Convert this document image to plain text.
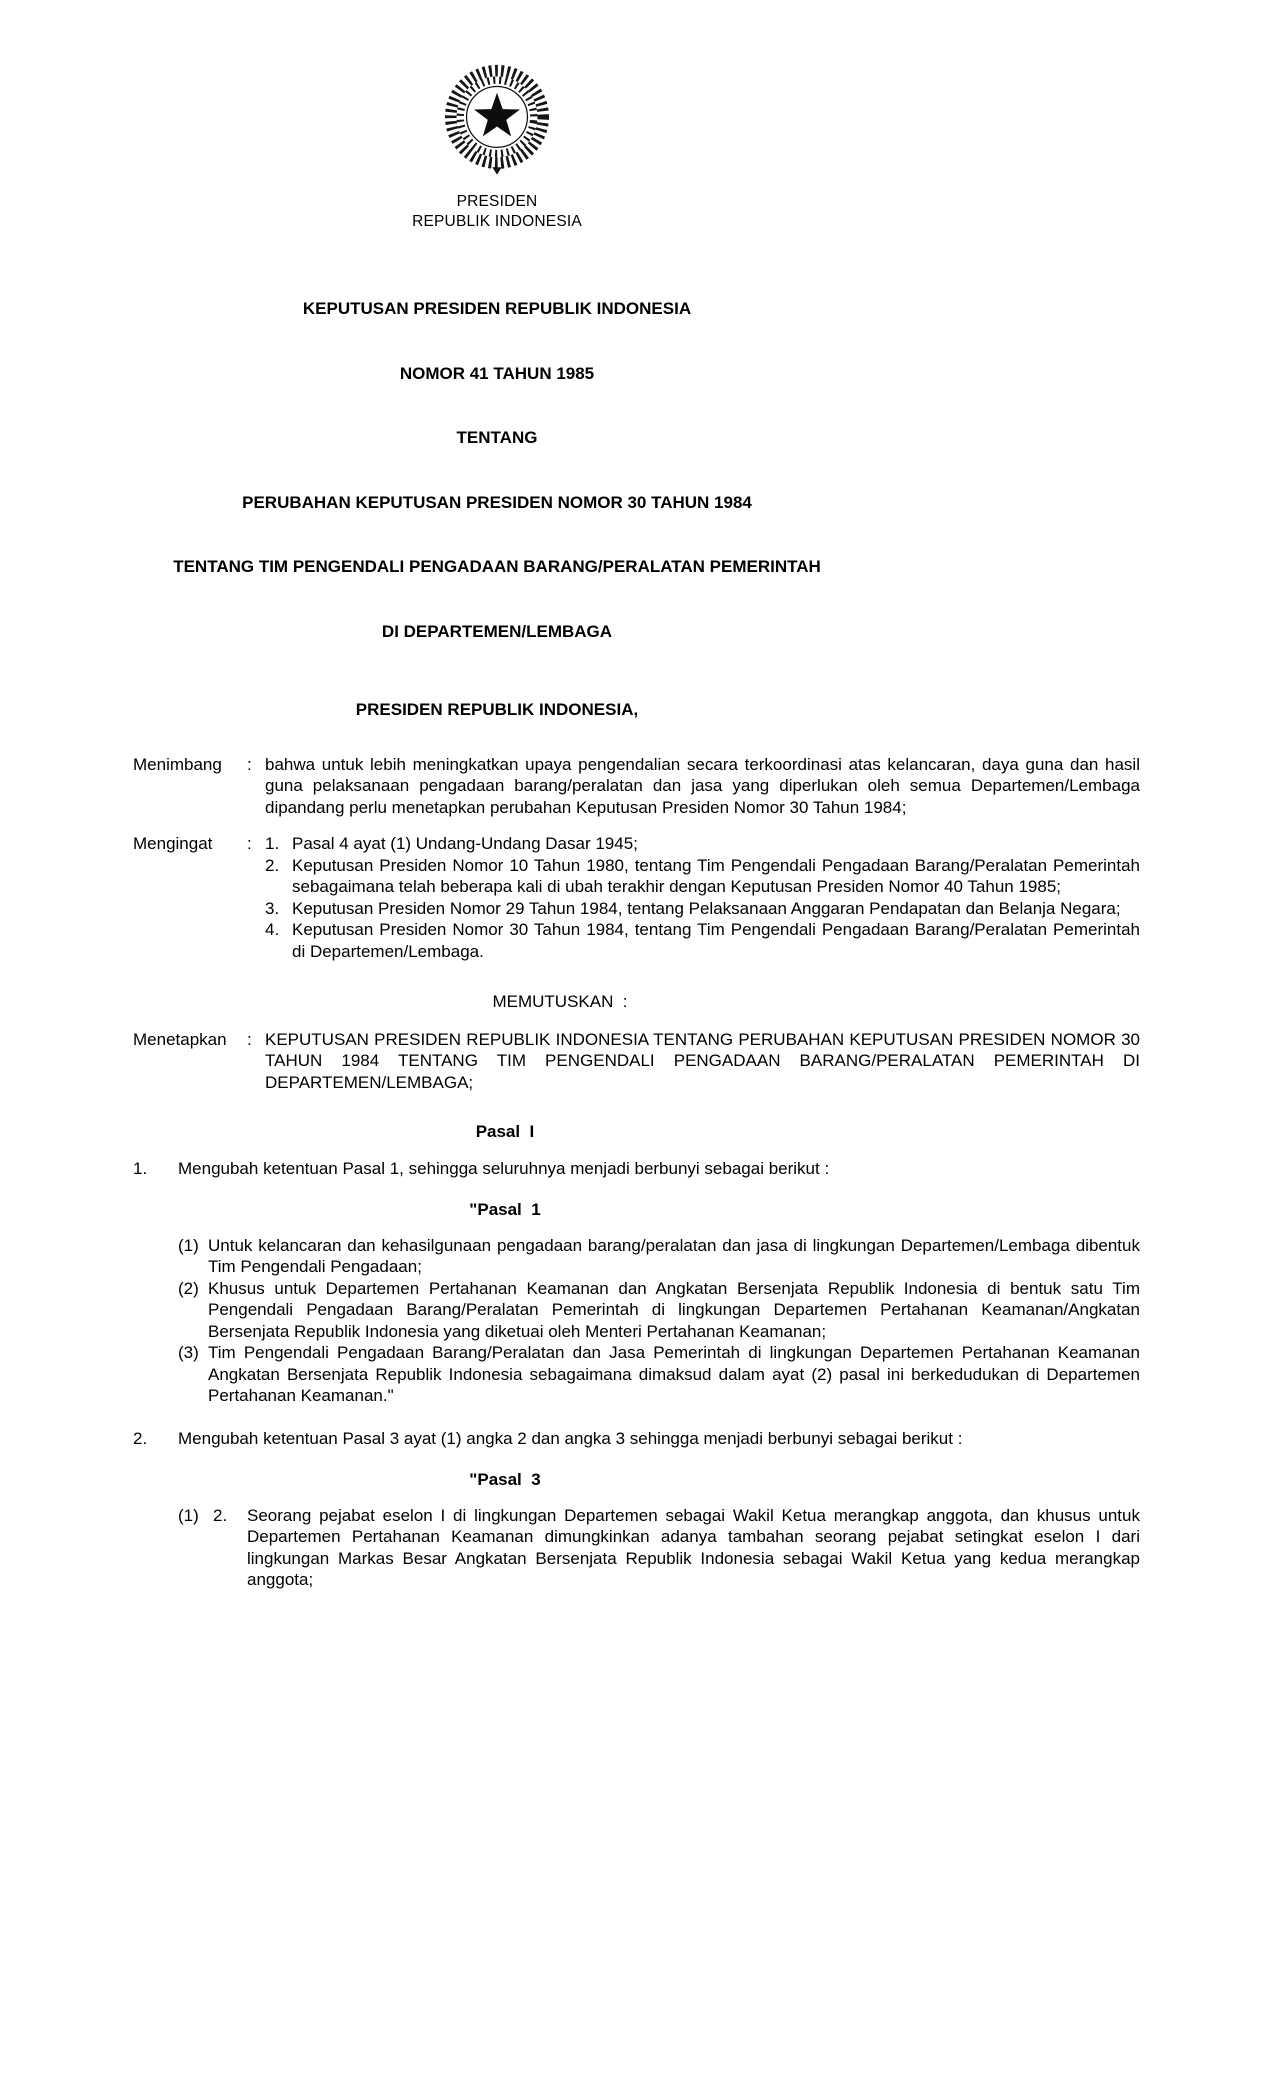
PRESIDEN
REPUBLIK INDONESIA

KEPUTUSAN PRESIDEN REPUBLIK INDONESIA

NOMOR 41 TAHUN 1985

TENTANG

PERUBAHAN KEPUTUSAN PRESIDEN NOMOR 30 TAHUN 1984

TENTANG TIM PENGENDALI PENGADAAN BARANG/PERALATAN PEMERINTAH

DI DEPARTEMEN/LEMBAGA

PRESIDEN REPUBLIK INDONESIA,
Menimbang	: bahwa untuk lebih meningkatkan upaya pengendalian secara terkoordinasi atas kelancaran, daya guna dan hasil guna pelaksanaan pengadaan barang/peralatan dan jasa yang diperlukan oleh semua Departemen/Lembaga dipandang perlu menetapkan perubahan Keputusan Presiden Nomor 30 Tahun 1984;
Mengingat	: 1. Pasal 4 ayat (1) Undang-Undang Dasar 1945;
2. Keputusan Presiden Nomor 10 Tahun 1980, tentang Tim Pengendali Pengadaan Barang/Peralatan Pemerintah sebagaimana telah beberapa kali di ubah terakhir dengan Keputusan Presiden Nomor 40 Tahun 1985;
3. Keputusan Presiden Nomor 29 Tahun 1984, tentang Pelaksanaan Anggaran Pendapatan dan Belanja Negara;
4. Keputusan Presiden Nomor 30 Tahun 1984, tentang Tim Pengendali Pengadaan Barang/Peralatan Pemerintah di Departemen/Lembaga.
MEMUTUSKAN  :
Menetapkan	: KEPUTUSAN PRESIDEN REPUBLIK INDONESIA TENTANG PERUBAHAN KEPUTUSAN PRESIDEN NOMOR 30 TAHUN 1984 TENTANG TIM PENGENDALI PENGADAAN BARANG/PERALATAN PEMERINTAH DI DEPARTEMEN/LEMBAGA;
Pasal  I
1.	Mengubah ketentuan Pasal 1, sehingga seluruhnya menjadi berbunyi sebagai berikut :
"Pasal  1
(1) Untuk kelancaran dan kehasilgunaan pengadaan barang/peralatan dan jasa di lingkungan Departemen/Lembaga dibentuk Tim Pengendali Pengadaan;
(2) Khusus untuk Departemen Pertahanan Keamanan dan Angkatan Bersenjata Republik Indonesia di bentuk satu Tim Pengendali Pengadaan Barang/Peralatan Pemerintah di lingkungan Departemen Pertahanan Keamanan/Angkatan Bersenjata Republik Indonesia yang diketuai oleh Menteri Pertahanan Keamanan;
(3) Tim Pengendali Pengadaan Barang/Peralatan dan Jasa Pemerintah di lingkungan Departemen Pertahanan Keamanan Angkatan Bersenjata Republik Indonesia sebagaimana dimaksud dalam ayat (2) pasal ini berkedudukan di Departemen Pertahanan Keamanan."
2.	Mengubah ketentuan Pasal 3 ayat (1) angka 2 dan angka 3 sehingga menjadi berbunyi sebagai berikut :
"Pasal  3
(1) 2.	Seorang pejabat eselon I di lingkungan Departemen sebagai Wakil Ketua merangkap anggota, dan khusus untuk Departemen Pertahanan Keamanan dimungkinkan adanya tambahan seorang pejabat setingkat eselon I dari lingkungan Markas Besar Angkatan Bersenjata Republik Indonesia sebagai Wakil Ketua yang kedua merangkap anggota;
